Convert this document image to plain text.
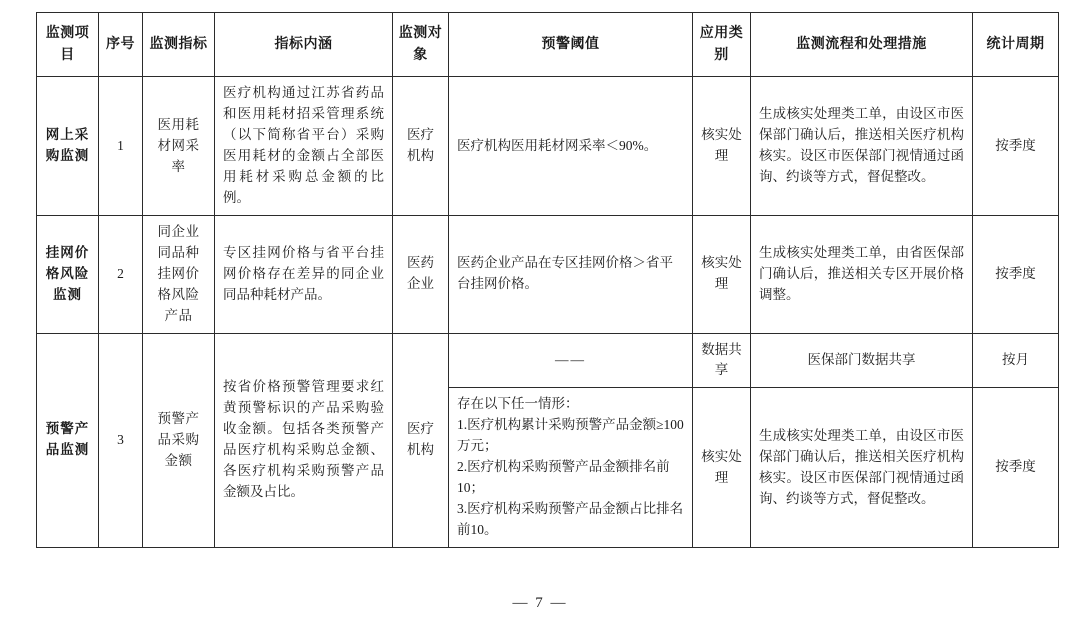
监测项目	序号	监测指标	指标内涵	监测对象	预警阈值	应用类别	监测流程和处理措施	统计周期
网上采购监测	1	医用耗材网采率	医疗机构通过江苏省药品和医用耗材招采管理系统（以下简称省平台）采购医用耗材的金额占全部医用耗材采购总金额的比例。	医疗机构	医疗机构医用耗材网采率＜90%。	核实处理	生成核实处理类工单，由设区市医保部门确认后，推送相关医疗机构核实。设区市医保部门视情通过函询、约谈等方式，督促整改。	按季度
挂网价格风险监测	2	同企业同品种挂网价格风险产品	专区挂网价格与省平台挂网价格存在差异的同企业同品种耗材产品。	医药企业	医药企业产品在专区挂网价格＞省平台挂网价格。	核实处理	生成核实处理类工单，由省医保部门确认后，推送相关专区开展价格调整。	按季度
预警产品监测	3	预警产品采购金额	按省价格预警管理要求红黄预警标识的产品采购验收金额。包括各类预警产品医疗机构采购总金额、各医疗机构采购预警产品金额及占比。	医疗机构	——	数据共享	医保部门数据共享	按月

					存在以下任一情形：
1.医疗机构累计采购预警产品金额≥100万元；
2.医疗机构采购预警产品金额排名前10；
3.医疗机构采购预警产品金额占比排名前10。	核实处理	生成核实处理类工单，由设区市医保部门确认后，推送相关医疗机构核实。设区市医保部门视情通过函询、约谈等方式，督促整改。	按季度
— 7 —
